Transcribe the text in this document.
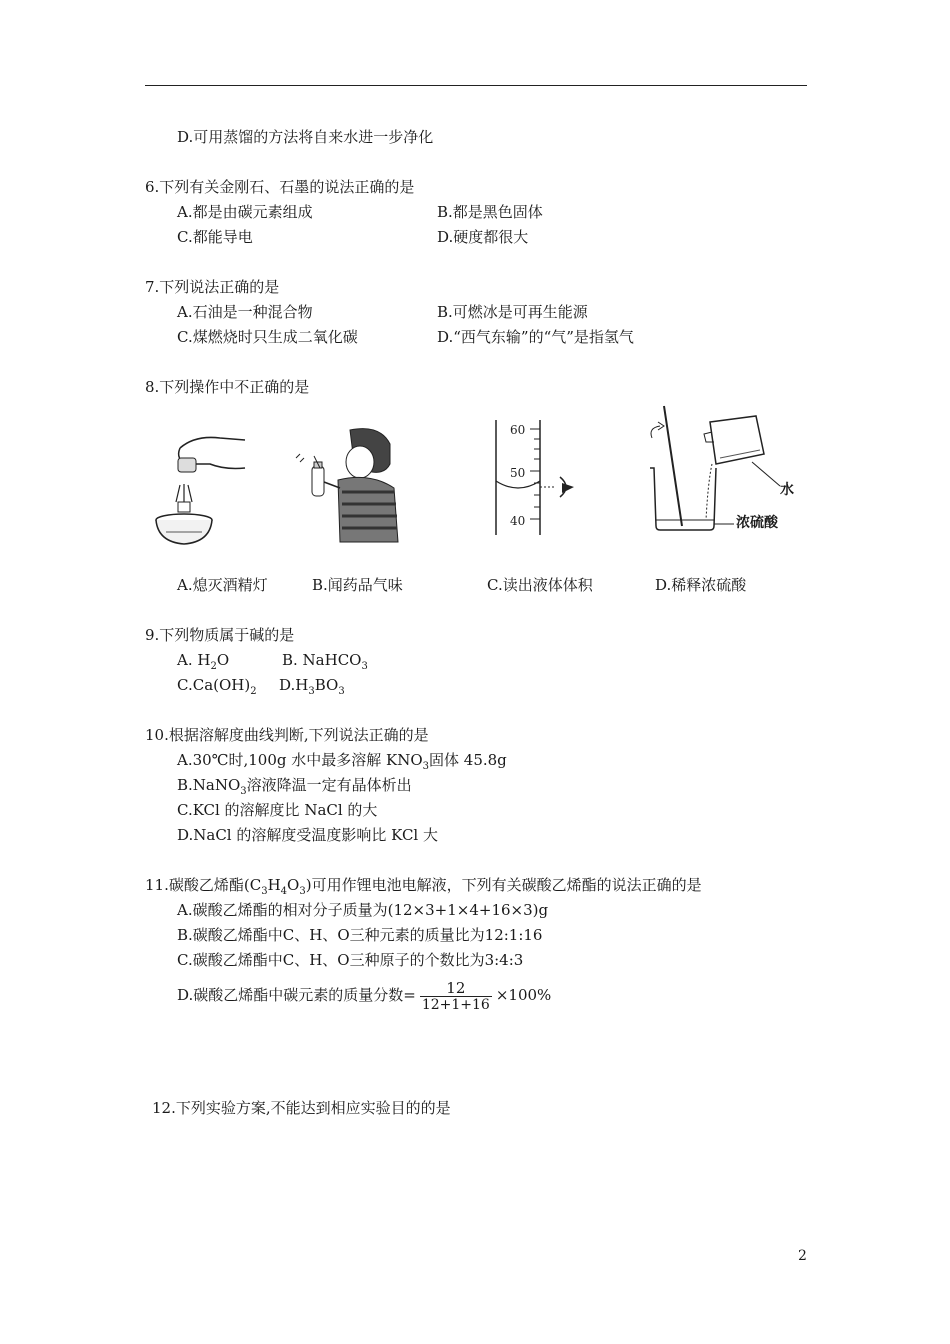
D.可用蒸馏的方法将自来水进一步净化
6.下列有关金刚石、石墨的说法正确的是
A.都是由碳元素组成	B.都是黑色固体
C.都能导电	D.硬度都很大
7.下列说法正确的是
A.石油是一种混合物	B.可燃冰是可再生能源
C.煤燃烧时只生成二氧化碳	D.“西气东输”的“气”是指氢气
8.下列操作中不正确的是
60
50
40
水
浓硫酸
A.熄灭酒精灯	B.闻药品气味	C.读出液体体积	D.稀释浓硫酸
9.下列物质属于碱的是
A. $H_2O$	B. NaHCO$_3$
$C.Ca(OH)_2$ $D.H_3BO_3$
10.根据溶解度曲线判断,下列说法正确的是
A.30℃时,100g 水中最多溶解 $KNO_3$固体 45.8g
B.NaNO$_3$溶液降温一定有晶体析出
C.KCl 的溶解度比 NaCl 的大
D.NaCl 的溶解度受温度影响比 KCl 大
11.碳酸乙烯酯$(C_3H_4O_3)$可用作锂电池电解液，下列有关碳酸乙烯酯的说法正确的是
A.碳酸乙烯酯的相对分子质量为(12×3+1×4+16×3)g
B.碳酸乙烯酯中C、H、O三种元素的质量比为12:1:16
C.碳酸乙烯酯中C、H、O三种原子的个数比为3:4:3
D.碳酸乙烯酯中碳元素的质量分数= $\frac{12}{12+1+16} \times 100\%$
12.下列实验方案,不能达到相应实验目的的是
2
